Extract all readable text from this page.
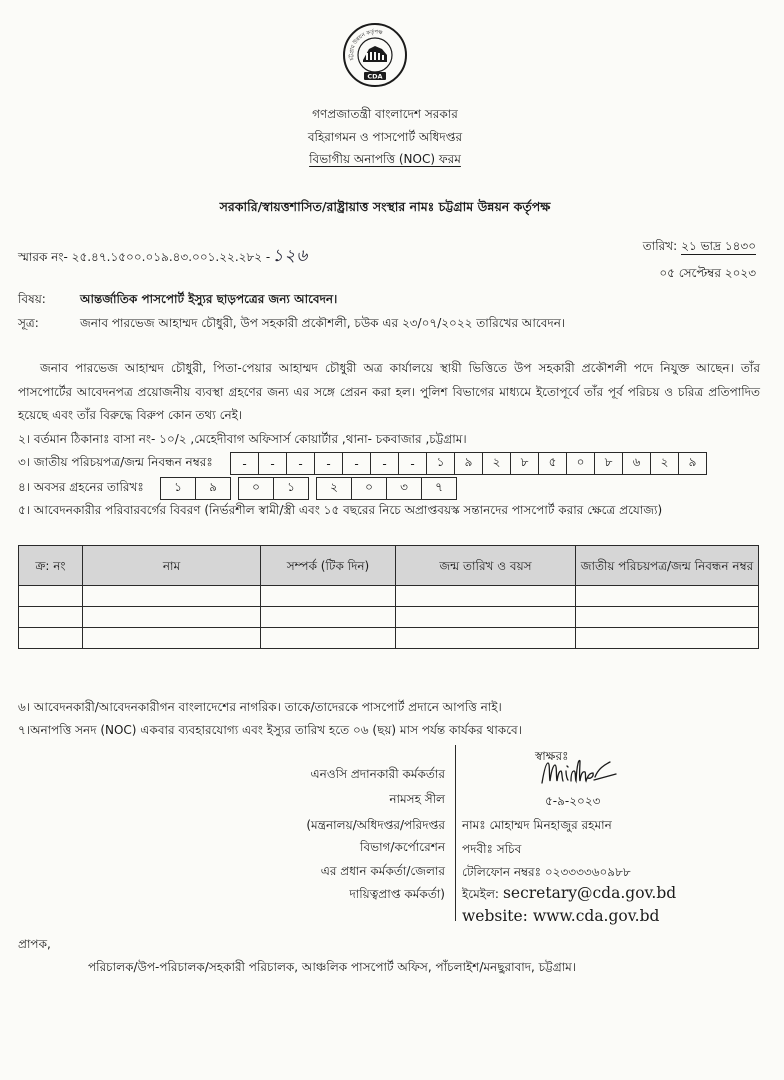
চট্টগ্রাম উন্নয়ন কর্তৃপক্ষ
CDA
গণপ্রজাতন্ত্রী বাংলাদেশ সরকার
বহিরাগমন ও পাসপোর্ট অধিদপ্তর
বিভাগীয় অনাপত্তি (NOC) ফরম
সরকারি/স্বায়ত্তশাসিত/রাষ্ট্রায়াত্ত সংস্থার নামঃ চট্টগ্রাম উন্নয়ন কর্তৃপক্ষ
স্মারক নং- ২৫.৪৭.১৫০০.০১৯.৪৩.০০১.২২.২৮২ - ১২৬	তারিখ: ২১ ভাদ্র ১৪৩০
০৫ সেপ্টেম্বর ২০২৩
বিষয়:	আন্তর্জাতিক পাসপোর্ট ইস্যুর ছাড়পত্রের জন্য আবেদন।
সূত্র:	জনাব পারভেজ আহাম্মদ চৌধুরী, উপ সহকারী প্রকৌশলী, চউক এর ২৩/০৭/২০২২ তারিখের আবেদন।
জনাব পারভেজ আহাম্মদ চৌধুরী, পিতা-পেয়ার আহাম্মদ চৌধুরী অত্র কার্যালয়ে স্থায়ী ভিত্তিতে উপ সহকারী প্রকৌশলী পদে নিযুক্ত আছেন। তাঁর পাসপোর্টের আবেদনপত্র প্রয়োজনীয় ব্যবস্থা গ্রহণের জন্য এর সঙ্গে প্রেরন করা হল। পুলিশ বিভাগের মাধ্যমে ইতোপূর্বে তাঁর পূর্ব পরিচয় ও চরিত্র প্রতিপাদিত হয়েছে এবং তাঁর বিরুদ্ধে বিরুপ কোন তথ্য নেই।
২। বর্তমান ঠিকানাঃ বাসা নং- ১০/২ ,মেহেদীবাগ অফিসার্স কোয়ার্টার ,থানা- চকবাজার ,চট্টগ্রাম।
৩। জাতীয় পরিচয়পত্র/জন্ম নিবন্ধন নম্বরঃ	-	-	-	-	-	-	-	১	৯	২	৮	৫	০	৮	৬	২	৯
৪। অবসর গ্রহনের তারিখঃ	১	৯	০	১	২	০	৩	৭
৫। আবেদনকারীর পরিবারবর্গের বিবরণ (নির্ভরশীল স্বামী/স্ত্রী এবং ১৫ বছরের নিচে অপ্রাপ্তবয়স্ক সন্তানদের পাসপোর্ট করার ক্ষেত্রে প্রযোজ্য)
ক্র: নং	নাম	সম্পর্ক (টিক দিন)	জন্ম তারিখ ও বয়স	জাতীয় পরিচয়পত্র/জন্ম নিবন্ধন নম্বর

৬। আবেদনকারী/আবেদনকারীগন বাংলাদেশের নাগরিক। তাকে/তাদেরকে পাসপোর্ট প্রদানে আপত্তি নাই।
৭।অনাপত্তি সনদ (NOC) একবার ব্যবহারযোগ্য এবং ইস্যুর তারিখ হতে ০৬ (ছয়) মাস পর্যন্ত কার্যকর থাকবে।
এনওসি প্রদানকারী কর্মকর্তার
নামসহ সীল
(মন্ত্রনালয়/অধিদপ্তর/পরিদপ্তর
বিভাগ/কর্পোরেশন
এর প্রধান কর্মকর্তা/জেলার
দায়িত্বপ্রাপ্ত কর্মকর্তা)
স্বাক্ষরঃ
৫-৯-২০২৩
নামঃ মোহাম্মদ মিনহাজুর রহমান
পদবীঃ সচিব
টেলিফোন নম্বরঃ ০২৩৩৩৩৬০৯৮৮
ইমেইল: secretary@cda.gov.bd
website: www.cda.gov.bd
প্রাপক,
পরিচালক/উপ-পরিচালক/সহকারী পরিচালক, আঞ্চলিক পাসপোর্ট অফিস, পাঁচলাইশ/মনছুরাবাদ, চট্টগ্রাম।
